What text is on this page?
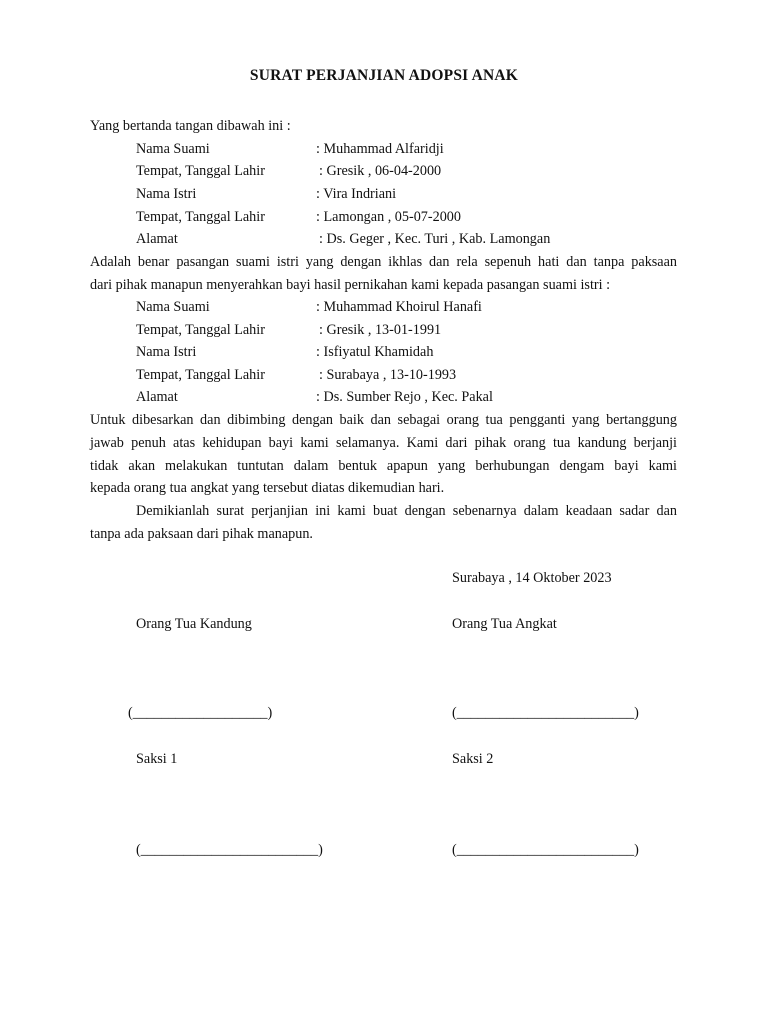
SURAT PERJANJIAN ADOPSI ANAK
Yang bertanda tangan dibawah ini :
Nama Suami	: Muhammad Alfaridji
Tempat, Tanggal Lahir	: Gresik , 06-04-2000
Nama Istri	: Vira Indriani
Tempat, Tanggal Lahir	: Lamongan , 05-07-2000
Alamat	: Ds. Geger , Kec. Turi , Kab. Lamongan
Adalah benar pasangan suami istri yang dengan ikhlas dan rela sepenuh hati dan tanpa paksaan
dari pihak manapun menyerahkan bayi hasil pernikahan kami kepada pasangan suami istri :
Nama Suami	: Muhammad Khoirul Hanafi
Tempat, Tanggal Lahir	: Gresik , 13-01-1991
Nama Istri	: Isfiyatul Khamidah
Tempat, Tanggal Lahir	: Surabaya , 13-10-1993
Alamat	: Ds. Sumber Rejo , Kec. Pakal
Untuk dibesarkan dan dibimbing dengan baik dan sebagai orang tua pengganti yang bertanggung
jawab penuh atas kehidupan bayi kami selamanya. Kami dari pihak orang tua kandung berjanji
tidak akan melakukan tuntutan dalam bentuk apapun yang berhubungan dengam bayi kami
kepada orang tua angkat yang tersebut diatas dikemudian hari.
Demikianlah surat perjanjian ini kami buat dengan sebenarnya dalam keadaan sadar dan
tanpa ada paksaan dari pihak manapun.
Surabaya , 14 Oktober 2023
Orang Tua Kandung	Orang Tua Angkat
(___________________)	(_________________________)
Saksi 1	Saksi 2
(_________________________)	(_________________________)
